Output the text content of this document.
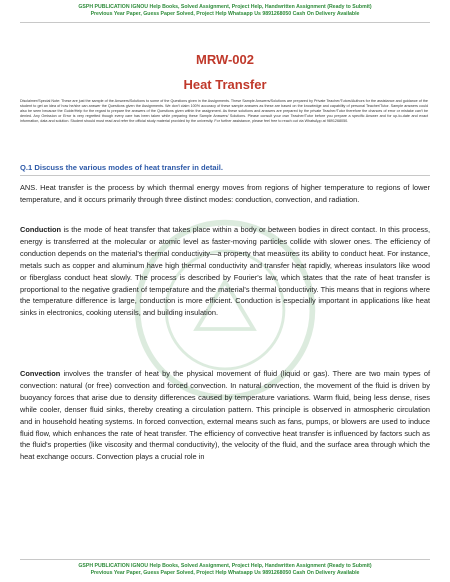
GSPH PUBLICATION IGNOU Help Books, Solved Assignment, Project Help, Handwritten Assignment (Ready to Submit)
Previous Year Paper, Guess Paper Solved, Project Help Whatsapp Us 9891268050 Cash On Delivery Available
MRW-002
Heat Transfer
Disclaimer/Special Note: These are just the sample of the Answers/Solutions to some of the Questions given in the Assignments. These Sample Answers/Solutions are prepared by Private Teacher/Tutors/Authors for the assistance and guidance of the student to get an idea of how he/she can answer the Questions given the Assignments. We don't claim 100% accuracy of these sample answers as these are based on the knowledge and capability of personal Teacher/Tutor. Sample answers could also be seen because the Guide/Help for the regard to prepare the answers of the Questions given within the assignment. As these solutions and answers are prepared by the private Teacher/Tutor therefore the chances of error or mistake can't be denied. Any Omission or Error is very regretted though every care has been taken while preparing these Sample Answers/ Solutions. Please consult your own Teacher/Tutor before you prepare a specific Answer and for up-to-date and exact information, data and solution. Student should must read and refer the official study material provided by the university. For further assistance, please feel free to reach out via WhatsApp at 9891268050.
Q.1 Discuss the various modes of heat transfer in detail.
ANS. Heat transfer is the process by which thermal energy moves from regions of higher temperature to regions of lower temperature, and it occurs primarily through three distinct modes: conduction, convection, and radiation.
Conduction is the mode of heat transfer that takes place within a body or between bodies in direct contact. In this process, energy is transferred at the molecular or atomic level as faster-moving particles collide with slower ones. The efficiency of conduction depends on the material's thermal conductivity—a property that measures its ability to conduct heat. For instance, metals such as copper and aluminum have high thermal conductivity and transfer heat rapidly, whereas insulators like wood or fiberglass conduct heat slowly. The process is described by Fourier's law, which states that the rate of heat transfer is proportional to the negative gradient of temperature and the material's thermal conductivity. This means that in regions where the temperature difference is large, conduction is more efficient. Conduction is especially important in applications like heat sinks in electronics, cooking utensils, and building insulation.
Convection involves the transfer of heat by the physical movement of fluid (liquid or gas). There are two main types of convection: natural (or free) convection and forced convection. In natural convection, the movement of the fluid is driven by buoyancy forces that arise due to density differences caused by temperature variations. Warm fluid, being less dense, rises while cooler, denser fluid sinks, thereby creating a circulation pattern. This principle is observed in atmospheric circulation and in household heating systems. In forced convection, external means such as fans, pumps, or blowers are used to induce fluid flow, which enhances the rate of heat transfer. The efficiency of convective heat transfer is influenced by factors such as the fluid's properties (like viscosity and thermal conductivity), the velocity of the fluid, and the surface area through which the heat exchange occurs. Convection plays a crucial role in
GSPH PUBLICATION IGNOU Help Books, Solved Assignment, Project Help, Handwritten Assignment (Ready to Submit)
Previous Year Paper, Guess Paper Solved, Project Help Whatsapp Us 9891268050 Cash On Delivery Available
